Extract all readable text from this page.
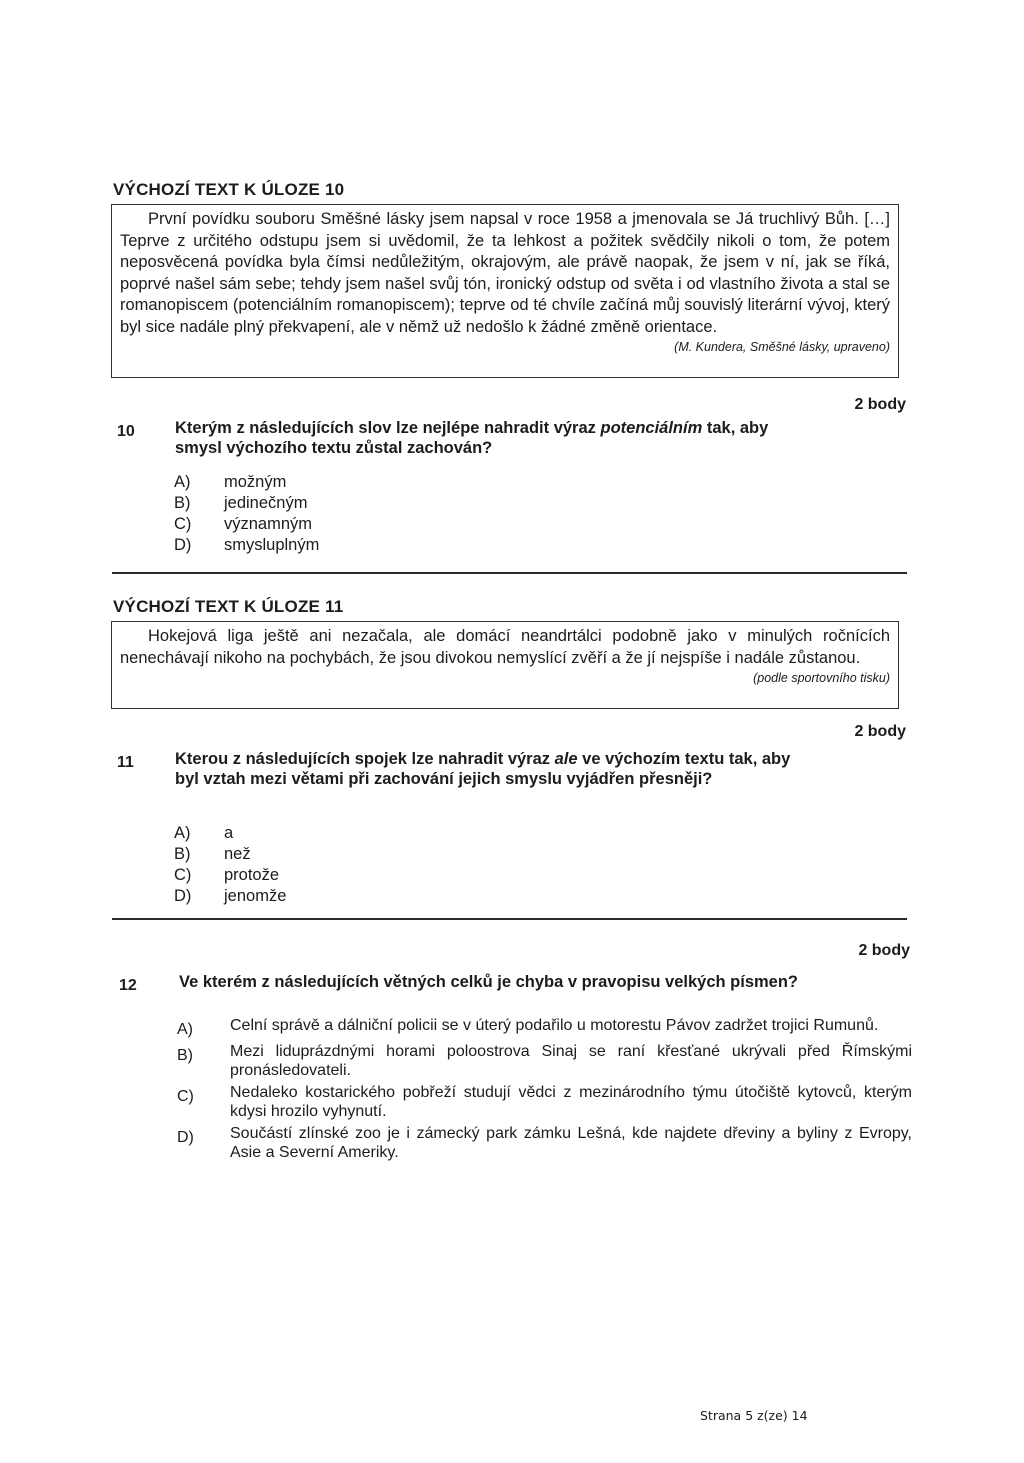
VÝCHOZÍ TEXT K ÚLOZE 10

První povídku souboru Směšné lásky jsem napsal v roce 1958 a jmenovala se Já truchlivý Bůh. […] Teprve z určitého odstupu jsem si uvědomil, že ta lehkost a požitek svědčily nikoli o tom, že potem neposvěcená povídka byla čímsi nedůležitým, okrajovým, ale právě naopak, že jsem v ní, jak se říká, poprvé našel sám sebe; tehdy jsem našel svůj tón, ironický odstup od světa i od vlastního života a stal se romanopiscem (potenciálním romanopiscem); teprve od té chvíle začíná můj souvislý literární vývoj, který byl sice nadále plný překvapení, ale v němž už nedošlo k žádné změně orientace.

(M. Kundera, Směšné lásky, upraveno)
2 body
10 Kterým z následujících slov lze nejlépe nahradit výraz potenciálním tak, aby smysl výchozího textu zůstal zachován?
A)	možným
B)	jedinečným
C)	významným
D)	smysluplným
VÝCHOZÍ TEXT K ÚLOZE 11

Hokejová liga ještě ani nezačala, ale domácí neandrtálci podobně jako v minulých ročnících nenechávají nikoho na pochybách, že jsou divokou nemyslící zvěří a že jí nejspíše i nadále zůstanou.

(podle sportovního tisku)
2 body
11 Kterou z následujících spojek lze nahradit výraz ale ve výchozím textu tak, aby byl vztah mezi větami při zachování jejich smyslu vyjádřen přesněji?
A)	a
B)	než
C)	protože
D)	jenomže
2 body
12	Ve kterém z následujících větných celků je chyba v pravopisu velkých písmen?
A)	Celní správě a dálniční policii se v úterý podařilo u motorestu Pávov zadržet trojici Rumunů.
B)	Mezi liduprázdnými horami poloostrova Sinaj se raní křesťané ukrývali před Římskými pronásledovateli.
C)	Nedaleko kostarického pobřeží studují vědci z mezinárodního týmu útočiště kytovců, kterým kdysi hrozilo vyhynutí.
D)	Součástí zlínské zoo je i zámecký park zámku Lešná, kde najdete dřeviny a byliny z Evropy, Asie a Severní Ameriky.
Strana 5 z(ze) 14
